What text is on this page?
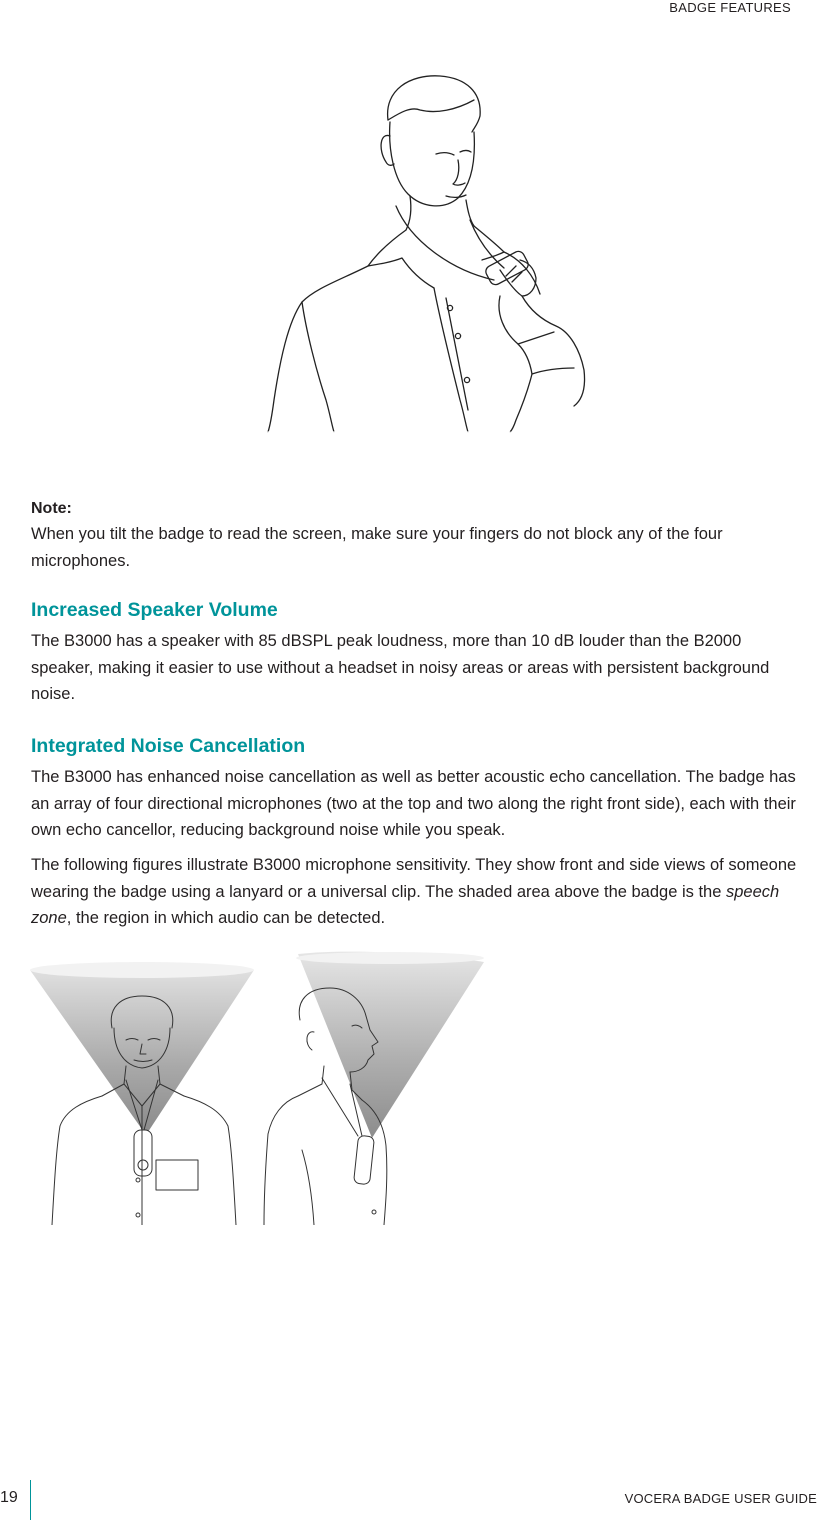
BADGE FEATURES
Note:

When you tilt the badge to read the screen, make sure your fingers do not block any of the four microphones.

Increased Speaker Volume

The B3000 has a speaker with 85 dBSPL peak loudness, more than 10 dB louder than the B2000 speaker, making it easier to use without a headset in noisy areas or areas with persistent background noise.

Integrated Noise Cancellation

The B3000 has enhanced noise cancellation as well as better acoustic echo cancellation. The badge has an array of four directional microphones (two at the top and two along the right front side), each with their own echo cancellor, reducing background noise while you speak.

The following figures illustrate B3000 microphone sensitivity. They show front and side views of someone wearing the badge using a lanyard or a universal clip. The shaded area above the badge is the speech zone, the region in which audio can be detected.

19	VOCERA BADGE USER GUIDE
